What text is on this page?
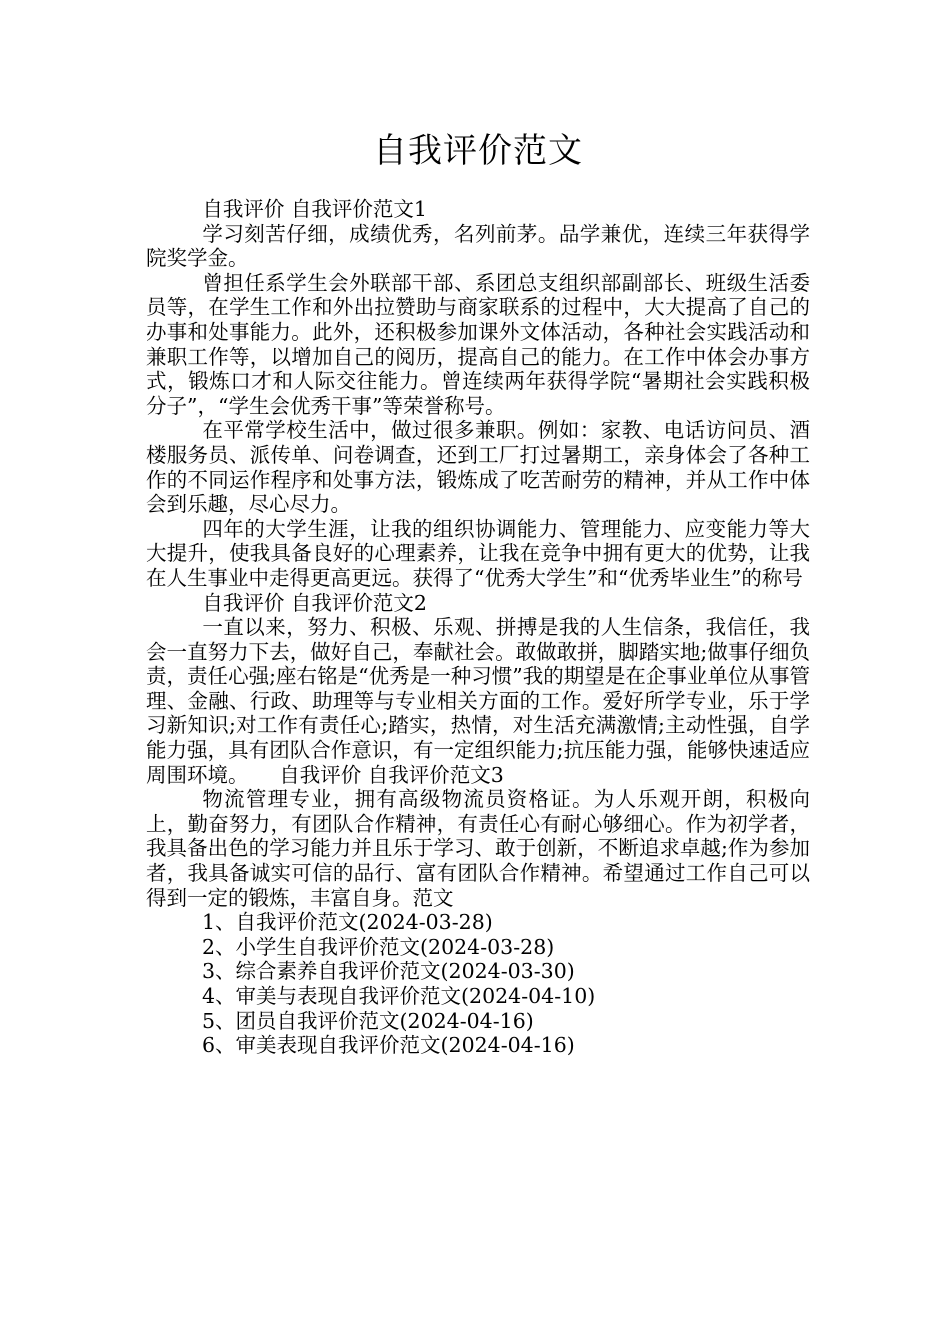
自我评价范文

自我评价 自我评价范文1

学习刻苦仔细，成绩优秀，名列前茅。品学兼优，连续三年获得学院奖学金。

曾担任系学生会外联部干部、系团总支组织部副部长、班级生活委员等，在学生工作和外出拉赞助与商家联系的过程中，大大提高了自己的办事和处事能力。此外，还积极参加课外文体活动，各种社会实践活动和兼职工作等，以增加自己的阅历，提高自己的能力。在工作中体会办事方式，锻炼口才和人际交往能力。曾连续两年获得学院“暑期社会实践积极分子”，“学生会优秀干事”等荣誉称号。

在平常学校生活中，做过很多兼职。例如：家教、电话访问员、酒楼服务员、派传单、问卷调查，还到工厂打过暑期工，亲身体会了各种工作的不同运作程序和处事方法，锻炼成了吃苦耐劳的精神，并从工作中体会到乐趣，尽心尽力。

四年的大学生涯，让我的组织协调能力、管理能力、应变能力等大大提升，使我具备良好的心理素养，让我在竞争中拥有更大的优势，让我在人生事业中走得更高更远。获得了“优秀大学生”和“优秀毕业生”的称号

自我评价 自我评价范文2

一直以来，努力、积极、乐观、拼搏是我的人生信条，我信任，我会一直努力下去，做好自己，奉献社会。敢做敢拼，脚踏实地;做事仔细负责，责任心强;座右铭是“优秀是一种习惯”我的期望是在企事业单位从事管理、金融、行政、助理等与专业相关方面的工作。爱好所学专业，乐于学习新知识;对工作有责任心;踏实，热情，对生活充满激情;主动性强，自学能力强，具有团队合作意识，有一定组织能力;抗压能力强，能够快速适应周围环境。　　自我评价 自我评价范文3

物流管理专业，拥有高级物流员资格证。为人乐观开朗，积极向上，勤奋努力，有团队合作精神，有责任心有耐心够细心。作为初学者，我具备出色的学习能力并且乐于学习、敢于创新，不断追求卓越;作为参加者，我具备诚实可信的品行、富有团队合作精神。希望通过工作自己可以得到一定的锻炼，丰富自身。范文

1、自我评价范文(2024-03-28)
2、小学生自我评价范文(2024-03-28)
3、综合素养自我评价范文(2024-03-30)
4、审美与表现自我评价范文(2024-04-10)
5、团员自我评价范文(2024-04-16)
6、审美表现自我评价范文(2024-04-16)
